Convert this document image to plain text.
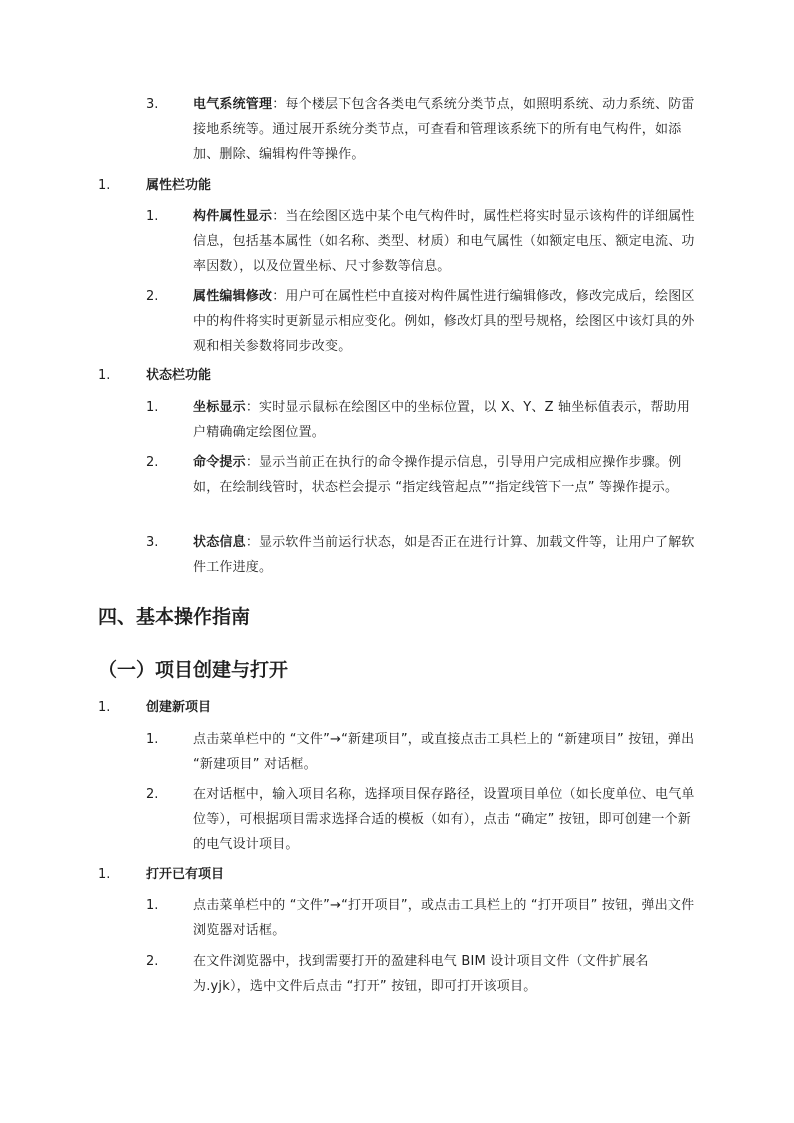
3.	电气系统管理：每个楼层下包含各类电气系统分类节点，如照明系统、动力系统、防雷接地系统等。通过展开系统分类节点，可查看和管理该系统下的所有电气构件，如添加、删除、编辑构件等操作。
1.	属性栏功能
1.	构件属性显示：当在绘图区选中某个电气构件时，属性栏将实时显示该构件的详细属性信息，包括基本属性（如名称、类型、材质）和电气属性（如额定电压、额定电流、功率因数），以及位置坐标、尺寸参数等信息。
2.	属性编辑修改：用户可在属性栏中直接对构件属性进行编辑修改，修改完成后，绘图区中的构件将实时更新显示相应变化。例如，修改灯具的型号规格，绘图区中该灯具的外观和相关参数将同步改变。
1.	状态栏功能
1.	坐标显示：实时显示鼠标在绘图区中的坐标位置，以 X、Y、Z 轴坐标值表示，帮助用户精确确定绘图位置。
2.	命令提示：显示当前正在执行的命令操作提示信息，引导用户完成相应操作步骤。例如，在绘制线管时，状态栏会提示 “指定线管起点”“指定线管下一点” 等操作提示。
3.	状态信息：显示软件当前运行状态，如是否正在进行计算、加载文件等，让用户了解软件工作进度。
四、基本操作指南
（一）项目创建与打开
1.	创建新项目
1.	点击菜单栏中的 “文件”→“新建项目”，或直接点击工具栏上的 “新建项目” 按钮，弹出 “新建项目” 对话框。
2.	在对话框中，输入项目名称，选择项目保存路径，设置项目单位（如长度单位、电气单位等），可根据项目需求选择合适的模板（如有），点击 “确定” 按钮，即可创建一个新的电气设计项目。
1.	打开已有项目
1.	点击菜单栏中的 “文件”→“打开项目”，或点击工具栏上的 “打开项目” 按钮，弹出文件浏览器对话框。
2.	在文件浏览器中，找到需要打开的盈建科电气 BIM 设计项目文件（文件扩展名为.yjk），选中文件后点击 “打开” 按钮，即可打开该项目。
